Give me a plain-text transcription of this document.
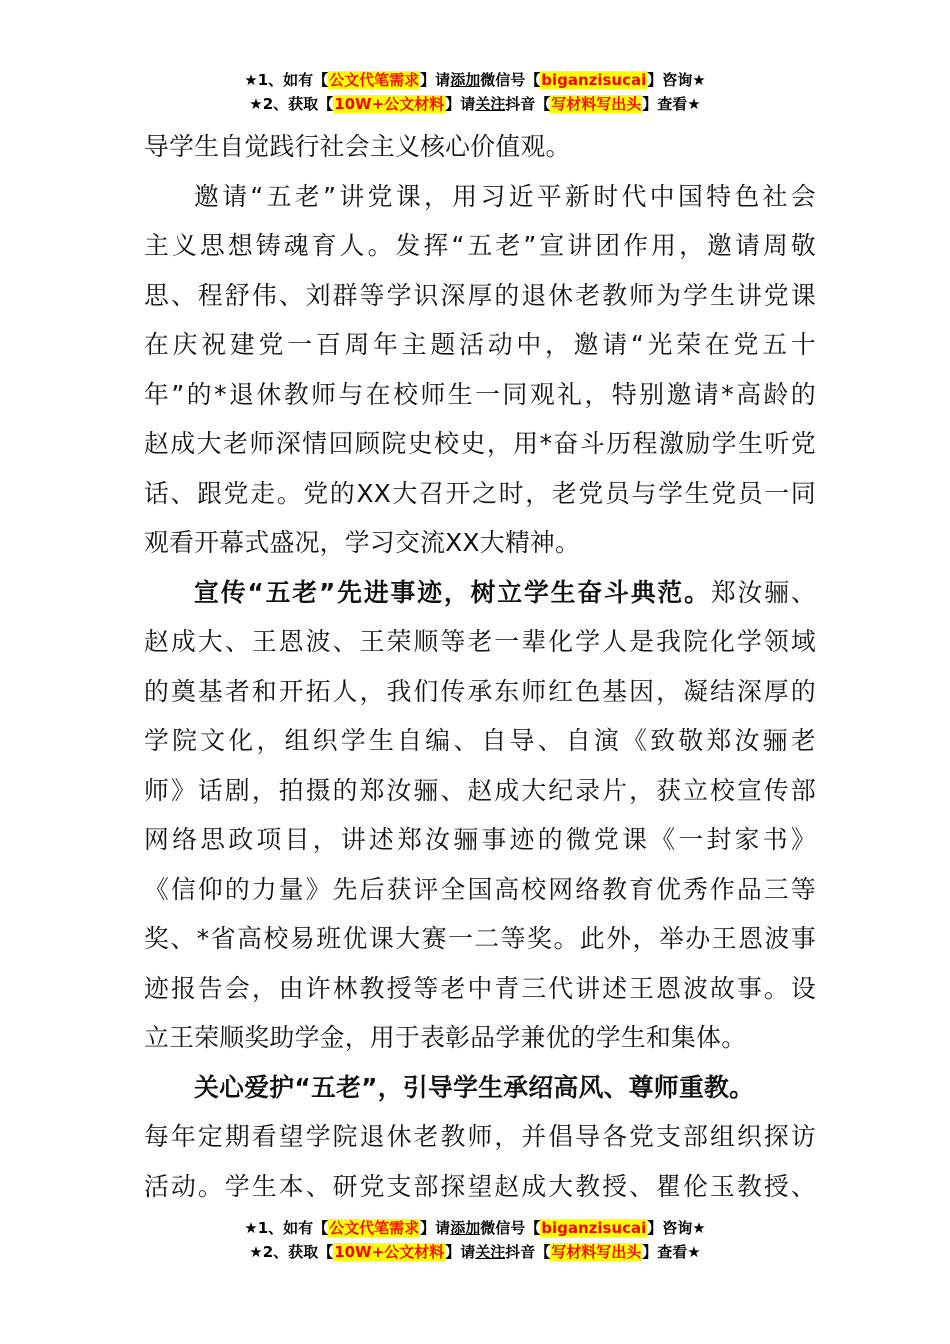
★1、如有【公文代笔需求】请添加微信号【biganzisucai】咨询★
★2、获取【10W+公文材料】请关注抖音【写材料写出头】查看★
导学生自觉践行社会主义核心价值观。
邀请“五老”讲党课，用习近平新时代中国特色社会
主义思想铸魂育人。发挥“五老”宣讲团作用，邀请周敬
思、程舒伟、刘群等学识深厚的退休老教师为学生讲党课
在庆祝建党一百周年主题活动中，邀请“光荣在党五十
年”的*退休教师与在校师生一同观礼，特别邀请*高龄的
赵成大老师深情回顾院史校史，用*奋斗历程激励学生听党
话、跟党走。党的XX大召开之时，老党员与学生党员一同
观看开幕式盛况，学习交流XX大精神。
宣传“五老”先进事迹，树立学生奋斗典范。郑汝骊、
赵成大、王恩波、王荣顺等老一辈化学人是我院化学领域
的奠基者和开拓人，我们传承东师红色基因，凝结深厚的
学院文化，组织学生自编、自导、自演《致敬郑汝骊老
师》话剧，拍摄的郑汝骊、赵成大纪录片，获立校宣传部
网络思政项目，讲述郑汝骊事迹的微党课《一封家书》
《信仰的力量》先后获评全国高校网络教育优秀作品三等
奖、*省高校易班优课大赛一二等奖。此外，举办王恩波事
迹报告会，由许林教授等老中青三代讲述王恩波故事。设
立王荣顺奖助学金，用于表彰品学兼优的学生和集体。
关心爱护“五老”，引导学生承绍高风、尊师重教。
每年定期看望学院退休老教师，并倡导各党支部组织探访
活动。学生本、研党支部探望赵成大教授、瞿伦玉教授、
★1、如有【公文代笔需求】请添加微信号【biganzisucai】咨询★
★2、获取【10W+公文材料】请关注抖音【写材料写出头】查看★
